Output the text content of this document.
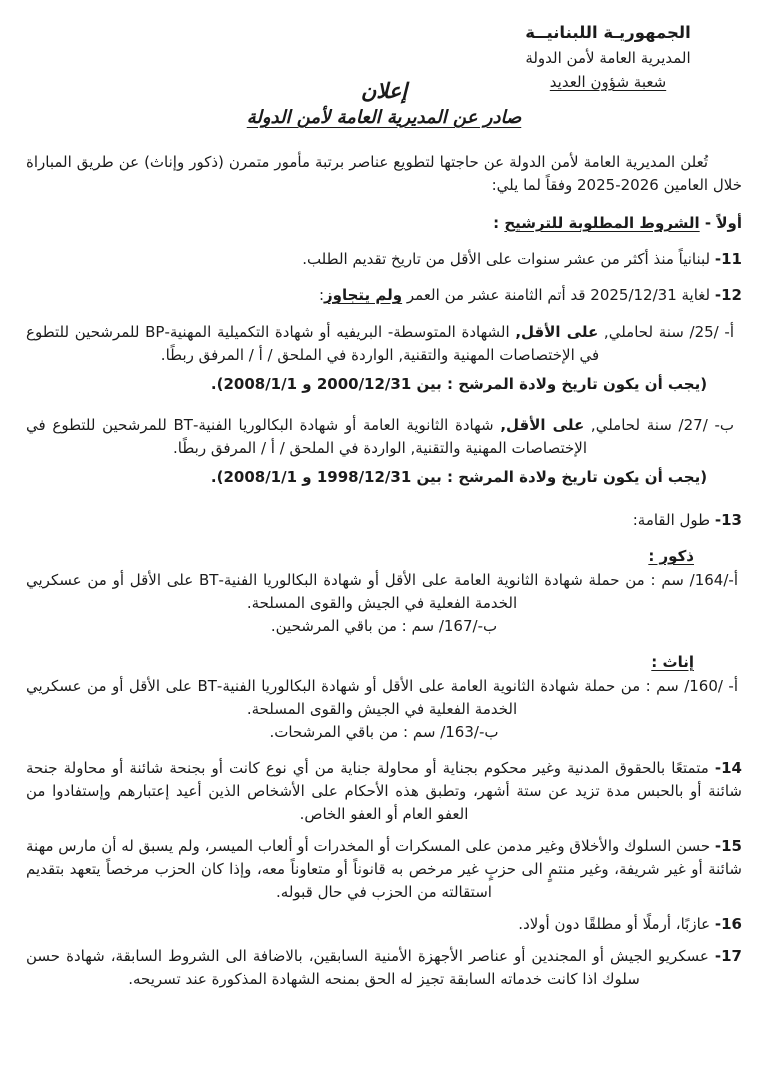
الجمهوريـة اللبنانيــة
المديرية العامة لأمن الدولة
شعبة شؤون العديد
إعلان
صادر عن المديرية العامة لأمن الدولة

تُعلن المديرية العامة لأمن الدولة عن حاجتها لتطويع عناصر برتبة مأمور متمرن (ذكور وإناث) عن طريق المباراة خلال العامين 2026-2025 وفقاً لما يلي:

أولاً - الشروط المطلوبة للترشيح :

11- لبنانياً منذ أكثر من عشر سنوات على الأقل من تاريخ تقديم الطلب.

12- لغاية 2025/12/31 قد أتم الثامنة عشر من العمر ولم يتجاوز:

أ- /25/ سنة لحاملي, على الأقل, الشهادة المتوسطة- البريفيه أو شهادة التكميلية المهنية-BP للمرشحين للتطوع في الإختصاصات المهنية والتقنية, الواردة في الملحق / أ / المرفق ربطًا.

(يجب أن يكون تاريخ ولادة المرشح : بين 2000/12/31 و 2008/1/1).

ب- /27/ سنة لحاملي, على الأقل, شهادة الثانوية العامة أو شهادة البكالوريا الفنية-BT للمرشحين للتطوع في الإختصاصات المهنية والتقنية, الواردة في الملحق / أ / المرفق ربطًا.

(يجب أن يكون تاريخ ولادة المرشح : بين 1998/12/31 و 2008/1/1).

13- طول القامة:

ذكور :
أ-/164/ سم : من حملة شهادة الثانوية العامة على الأقل أو شهادة البكالوريا الفنية-BT على الأقل أو من عسكريي الخدمة الفعلية في الجيش والقوى المسلحة.
ب-/167/ سم : من باقي المرشحين.
إناث :
أ- /160/ سم : من حملة شهادة الثانوية العامة على الأقل أو شهادة البكالوريا الفنية-BT على الأقل أو من عسكريي الخدمة الفعلية في الجيش والقوى المسلحة.
ب-/163/ سم : من باقي المرشحات.

14- متمتعًا بالحقوق المدنية وغير محكوم بجناية أو محاولة جناية من أي نوع كانت أو بجنحة شائنة أو محاولة جنحة شائنة أو بالحبس مدة تزيد عن ستة أشهر، وتطبق هذه الأحكام على الأشخاص الذين أعيد إعتبارهم وإستفادوا من العفو العام أو العفو الخاص.

15- حسن السلوك والأخلاق وغير مدمن على المسكرات أو المخدرات أو ألعاب الميسر، ولم يسبق له أن مارس مهنة شائنة أو غير شريفة، وغير منتمٍ الى حزبٍ غير مرخص به قانوناً أو متعاوناً معه، وإذا كان الحزب مرخصاً يتعهد بتقديم استقالته من الحزب في حال قبوله.

16- عازبًا، أرملًا أو مطلقًا دون أولاد.

17- عسكريو الجيش أو المجندين أو عناصر الأجهزة الأمنية السابقين، بالاضافة الى الشروط السابقة، شهادة حسن سلوك اذا كانت خدماته السابقة تجيز له الحق بمنحه الشهادة المذكورة عند تسريحه.
